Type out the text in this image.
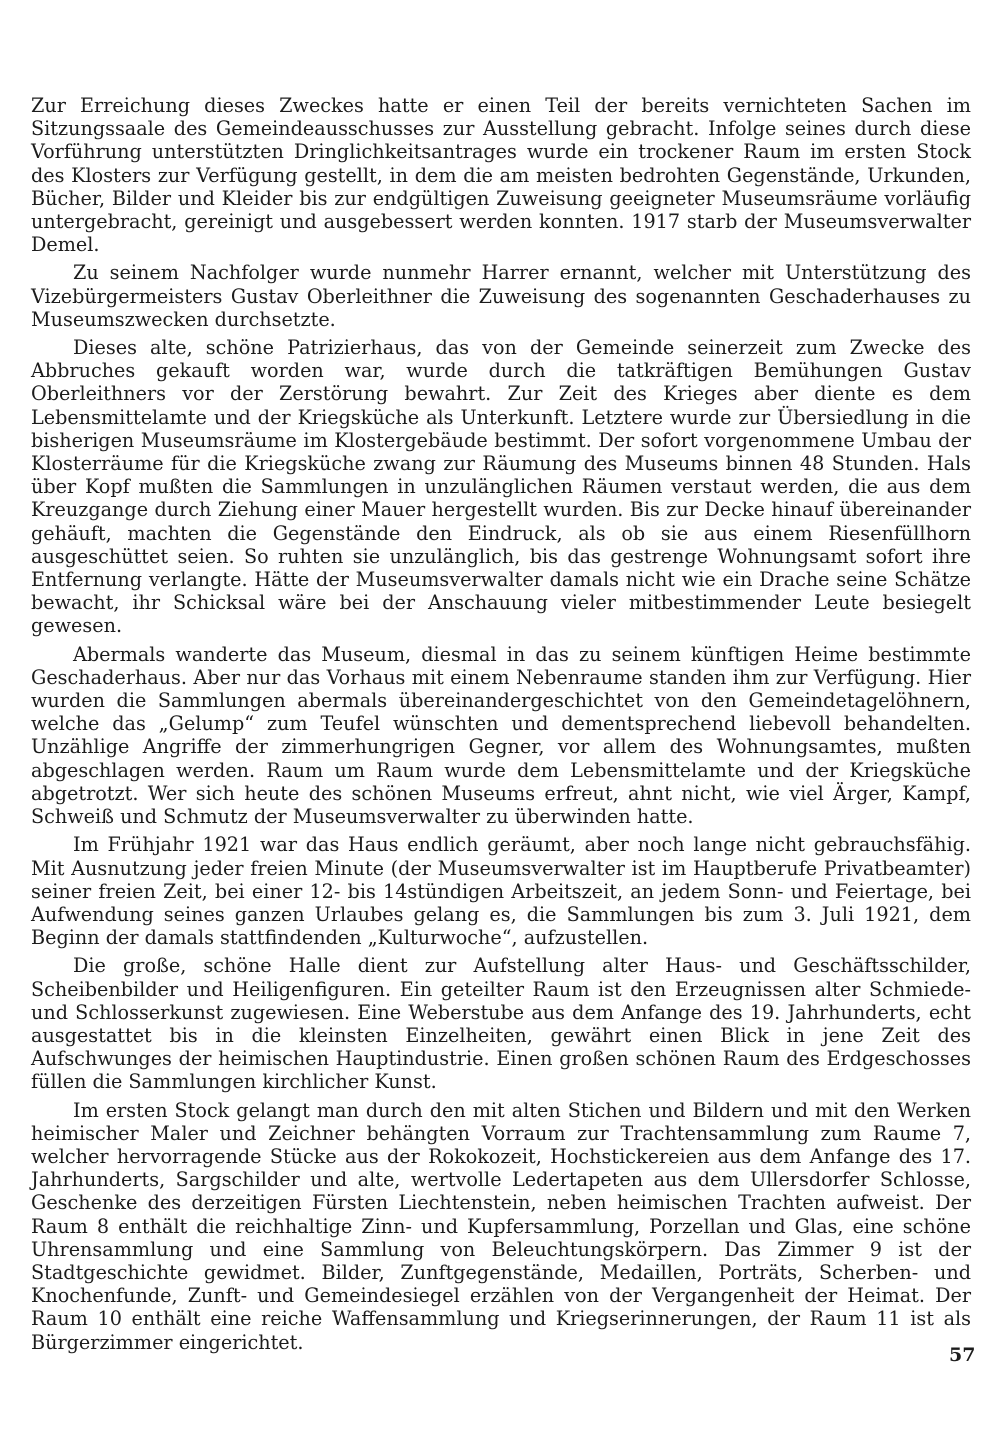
Zur Erreichung dieses Zweckes hatte er einen Teil der bereits vernichteten Sachen im Sitzungssaale des Gemeindeausschusses zur Ausstellung gebracht. Infolge seines durch diese Vorführung unterstützten Dringlichkeitsantrages wurde ein trockener Raum im ersten Stock des Klosters zur Verfügung gestellt, in dem die am meisten bedrohten Gegenstände, Urkunden, Bücher, Bilder und Kleider bis zur endgültigen Zuweisung geeigneter Museumsräume vorläufig untergebracht, gereinigt und ausgebessert werden konnten. 1917 starb der Museumsverwalter Demel.

Zu seinem Nachfolger wurde nunmehr Harrer ernannt, welcher mit Unterstützung des Vizebürgermeisters Gustav Oberleithner die Zuweisung des sogenannten Geschaderhauses zu Museumszwecken durchsetzte.

Dieses alte, schöne Patrizierhaus, das von der Gemeinde seinerzeit zum Zwecke des Abbruches gekauft worden war, wurde durch die tatkräftigen Bemühungen Gustav Oberleithners vor der Zerstörung bewahrt. Zur Zeit des Krieges aber diente es dem Lebensmittelamte und der Kriegsküche als Unterkunft. Letztere wurde zur Übersiedlung in die bisherigen Museumsräume im Klostergebäude bestimmt. Der sofort vorgenommene Umbau der Klosterräume für die Kriegsküche zwang zur Räumung des Museums binnen 48 Stunden. Hals über Kopf mußten die Sammlungen in unzulänglichen Räumen verstaut werden, die aus dem Kreuzgange durch Ziehung einer Mauer hergestellt wurden. Bis zur Decke hinauf übereinander gehäuft, machten die Gegenstände den Eindruck, als ob sie aus einem Riesenfüllhorn ausgeschüttet seien. So ruhten sie unzulänglich, bis das gestrenge Wohnungsamt sofort ihre Entfernung verlangte. Hätte der Museumsverwalter damals nicht wie ein Drache seine Schätze bewacht, ihr Schicksal wäre bei der Anschauung vieler mitbestimmender Leute besiegelt gewesen.

Abermals wanderte das Museum, diesmal in das zu seinem künftigen Heime bestimmte Geschaderhaus. Aber nur das Vorhaus mit einem Nebenraume standen ihm zur Verfügung. Hier wurden die Sammlungen abermals übereinandergeschichtet von den Gemeindetagelöhnern, welche das „Gelump“ zum Teufel wünschten und dementsprechend liebevoll behandelten. Unzählige Angriffe der zimmerhungrigen Gegner, vor allem des Wohnungsamtes, mußten abgeschlagen werden. Raum um Raum wurde dem Lebensmittelamte und der Kriegsküche abgetrotzt. Wer sich heute des schönen Museums erfreut, ahnt nicht, wie viel Ärger, Kampf, Schweiß und Schmutz der Museumsverwalter zu überwinden hatte.

Im Frühjahr 1921 war das Haus endlich geräumt, aber noch lange nicht gebrauchsfähig. Mit Ausnutzung jeder freien Minute (der Museumsverwalter ist im Hauptberufe Privatbeamter) seiner freien Zeit, bei einer 12- bis 14stündigen Arbeitszeit, an jedem Sonn- und Feiertage, bei Aufwendung seines ganzen Urlaubes gelang es, die Sammlungen bis zum 3. Juli 1921, dem Beginn der damals stattfindenden „Kulturwoche“, aufzustellen.

Die große, schöne Halle dient zur Aufstellung alter Haus- und Geschäftsschilder, Scheibenbilder und Heiligenfiguren. Ein geteilter Raum ist den Erzeugnissen alter Schmiede- und Schlosserkunst zugewiesen. Eine Weberstube aus dem Anfange des 19. Jahrhunderts, echt ausgestattet bis in die kleinsten Einzelheiten, gewährt einen Blick in jene Zeit des Aufschwunges der heimischen Hauptindustrie. Einen großen schönen Raum des Erdgeschosses füllen die Sammlungen kirchlicher Kunst.

Im ersten Stock gelangt man durch den mit alten Stichen und Bildern und mit den Werken heimischer Maler und Zeichner behängten Vorraum zur Trachtensammlung zum Raume 7, welcher hervorragende Stücke aus der Rokokozeit, Hochstickereien aus dem Anfange des 17. Jahrhunderts, Sargschilder und alte, wertvolle Ledertapeten aus dem Ullersdorfer Schlosse, Geschenke des derzeitigen Fürsten Liechtenstein, neben heimischen Trachten aufweist. Der Raum 8 enthält die reichhaltige Zinn- und Kupfersammlung, Porzellan und Glas, eine schöne Uhrensammlung und eine Sammlung von Beleuchtungskörpern. Das Zimmer 9 ist der Stadtgeschichte gewidmet. Bilder, Zunftgegenstände, Medaillen, Porträts, Scherben- und Knochenfunde, Zunft- und Gemeindesiegel erzählen von der Vergangenheit der Heimat. Der Raum 10 enthält eine reiche Waffensammlung und Kriegserinnerungen, der Raum 11 ist als Bürgerzimmer eingerichtet.

57
